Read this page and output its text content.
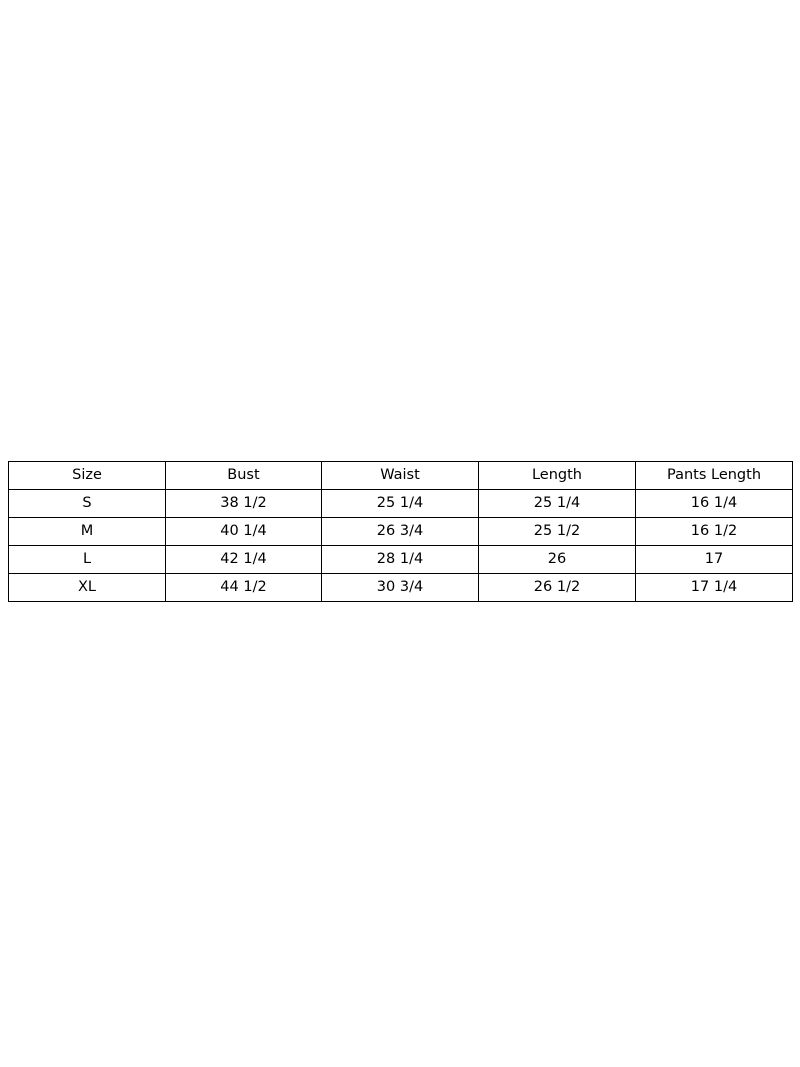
Size	Bust	Waist	Length	Pants Length
S	38 1/2	25 1/4	25 1/4	16 1/4
M	40 1/4	26 3/4	25 1/2	16 1/2
L	42 1/4	28 1/4	26	17
XL	44 1/2	30 3/4	26 1/2	17 1/4
